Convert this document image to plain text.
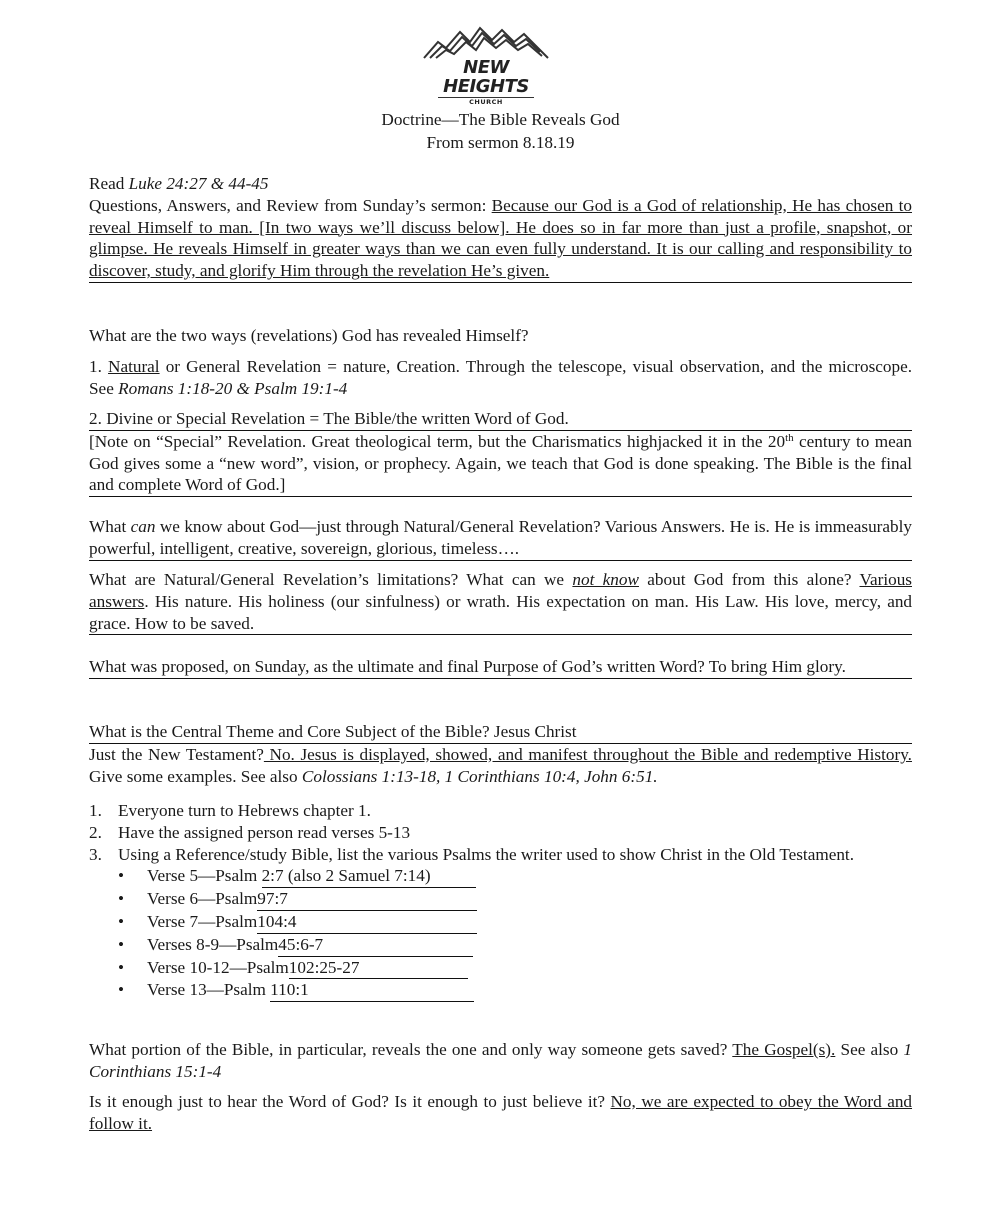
NEW HEIGHTS
CHURCH
Doctrine—The Bible Reveals God
From sermon 8.18.19

Read Luke 24:27 & 44-45

Questions, Answers, and Review from Sunday’s sermon: Because our God is a God of relationship, He has chosen to reveal Himself to man. [In two ways we’ll discuss below]. He does so in far more than just a profile, snapshot, or glimpse. He reveals Himself in greater ways than we can even fully understand. It is our calling and responsibility to discover, study, and glorify Him through the revelation He’s given.

What are the two ways (revelations) God has revealed Himself?
1. Natural or General Revelation = nature, Creation. Through the telescope, visual observation, and the microscope. See Romans 1:18-20 & Psalm 19:1-4

2. Divine or Special Revelation = The Bible/the written Word of God.

[Note on “Special” Revelation. Great theological term, but the Charismatics highjacked it in the 20th century to mean God gives some a “new word”, vision, or prophecy. Again, we teach that God is done speaking. The Bible is the final and complete Word of God.]

What can we know about God—just through Natural/General Revelation? Various Answers. He is. He is immeasurably powerful, intelligent, creative, sovereign, glorious, timeless….

What are Natural/General Revelation’s limitations? What can we not know about God from this alone? Various answers. His nature. His holiness (our sinfulness) or wrath. His expectation on man. His Law. His love, mercy, and grace. How to be saved.

What was proposed, on Sunday, as the ultimate and final Purpose of God’s written Word? To bring Him glory.

What is the Central Theme and Core Subject of the Bible? Jesus Christ

Just the New Testament? No. Jesus is displayed, showed, and manifest throughout the Bible and redemptive History. Give some examples. See also Colossians 1:13-18, 1 Corinthians 10:4, John 6:51.

1. Everyone turn to Hebrews chapter 1.
2. Have the assigned person read verses 5-13
3. Using a Reference/study Bible, list the various Psalms the writer used to show Christ in the Old Testament.
• Verse 5—Psalm 2:7 (also 2 Samuel 7:14)
• Verse 6—Psalm97:7
• Verse 7—Psalm104:4
• Verses 8-9—Psalm45:6-7
• Verse 10-12—Psalm102:25-27
• Verse 13—Psalm 110:1
What portion of the Bible, in particular, reveals the one and only way someone gets saved? The Gospel(s). See also 1 Corinthians 15:1-4
Is it enough just to hear the Word of God? Is it enough to just believe it? No, we are expected to obey the Word and follow it.
